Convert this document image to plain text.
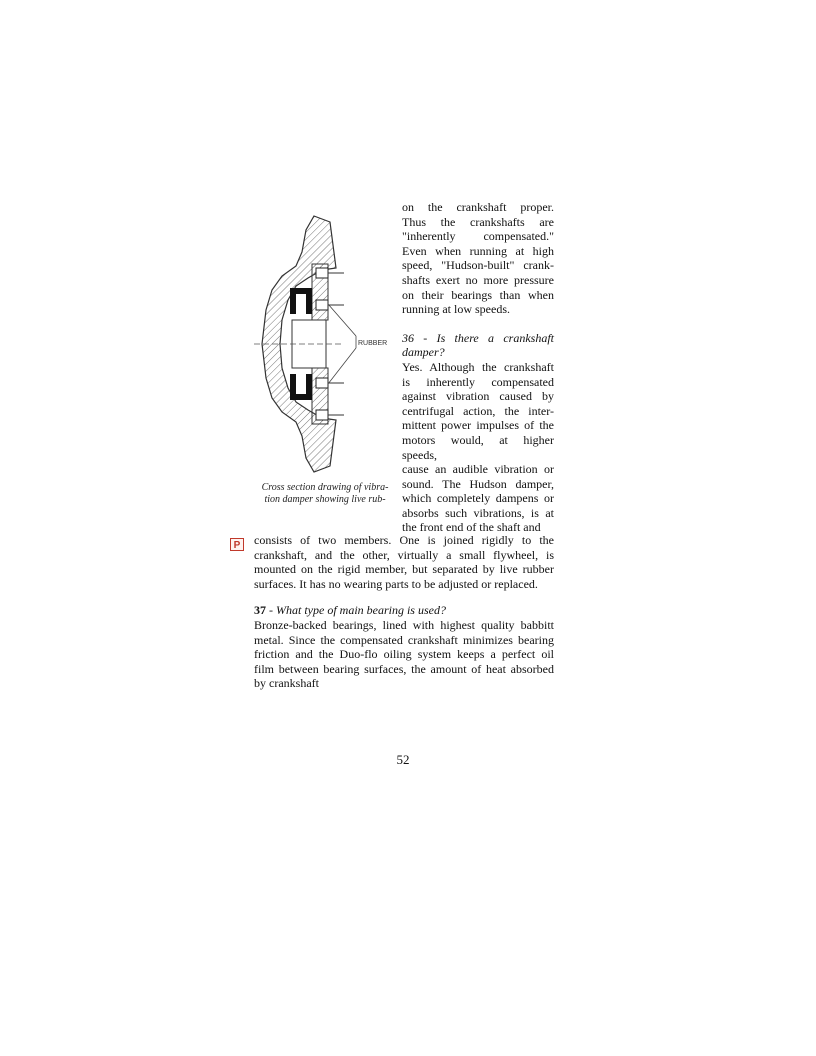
RUBBER
Cross section drawing of vibra-
tion damper showing live rub-
on the crankshaft proper.
Thus the crankshafts are
"inherently compensated."
Even when running at high
speed, "Hudson-built" crank-
shafts exert no more pressure
on their bearings than when
running at low speeds.
36 - Is there a crankshaft damper?
Yes. Although the crankshaft
is inherently compensated
against vibration caused by
centrifugal action, the inter-
mittent power impulses of the
motors would, at higher
speeds,
cause an audible vibration or
sound. The Hudson damper,
which completely dampens or
absorbs such vibrations, is at
the front end of the shaft and
P	consists of two members. One is joined rigidly to the
crankshaft, and the other, virtually a small flywheel, is
mounted on the rigid member, but separated by live rubber
surfaces. It has no wearing parts to be adjusted or replaced.
37 - What type of main bearing is used?
Bronze-backed bearings, lined with highest quality babbitt
metal. Since the compensated crankshaft minimizes bearing
friction and the Duo-flo oiling system keeps a perfect oil
film between bearing surfaces, the amount of heat absorbed
by crankshaft
52
